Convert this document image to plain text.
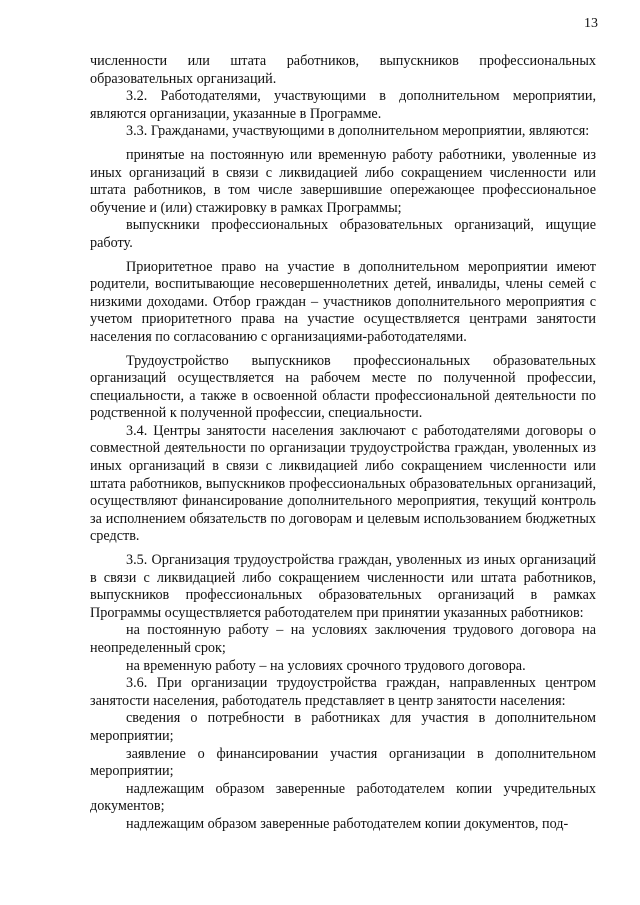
13

численности или штата работников, выпускников профессиональных образовательных организаций.

3.2. Работодателями, участвующими в дополнительном мероприятии, являются организации, указанные в Программе.

3.3. Гражданами, участвующими в дополнительном мероприятии, являются:

принятые на постоянную или временную работу работники, уволенные из иных организаций в связи с ликвидацией либо сокращением численности или штата работников, в том числе завершившие опережающее профессиональное обучение и (или) стажировку в рамках Программы;

выпускники профессиональных образовательных организаций, ищущие работу.

Приоритетное право на участие в дополнительном мероприятии имеют родители, воспитывающие несовершеннолетних детей, инвалиды, члены семей с низкими доходами. Отбор граждан – участников дополнительного мероприятия с учетом приоритетного права на участие осуществляется центрами занятости населения по согласованию с организациями-работодателями.

Трудоустройство выпускников профессиональных образовательных организаций осуществляется на рабочем месте по полученной профессии, специальности, а также в освоенной области профессиональной деятельности по родственной к полученной профессии, специальности.

3.4. Центры занятости населения заключают с работодателями договоры о совместной деятельности по организации трудоустройства граждан, уволенных из иных организаций в связи с ликвидацией либо сокращением численности или штата работников, выпускников профессиональных образовательных организаций, осуществляют финансирование дополнительного мероприятия, текущий контроль за исполнением обязательств по договорам и целевым использованием бюджетных средств.

3.5. Организация трудоустройства граждан, уволенных из иных организаций в связи с ликвидацией либо сокращением численности или штата работников, выпускников профессиональных образовательных организаций в рамках Программы осуществляется работодателем при принятии указанных работников:

на постоянную работу – на условиях заключения трудового договора на неопределенный срок;

на временную работу – на условиях срочного трудового договора.

3.6. При организации трудоустройства граждан, направленных центром занятости населения, работодатель представляет в центр занятости населения:

сведения о потребности в работниках для участия в дополнительном мероприятии;

заявление о финансировании участия организации в дополнительном мероприятии;

надлежащим образом заверенные работодателем копии учредительных документов;

надлежащим образом заверенные работодателем копии документов, под-
